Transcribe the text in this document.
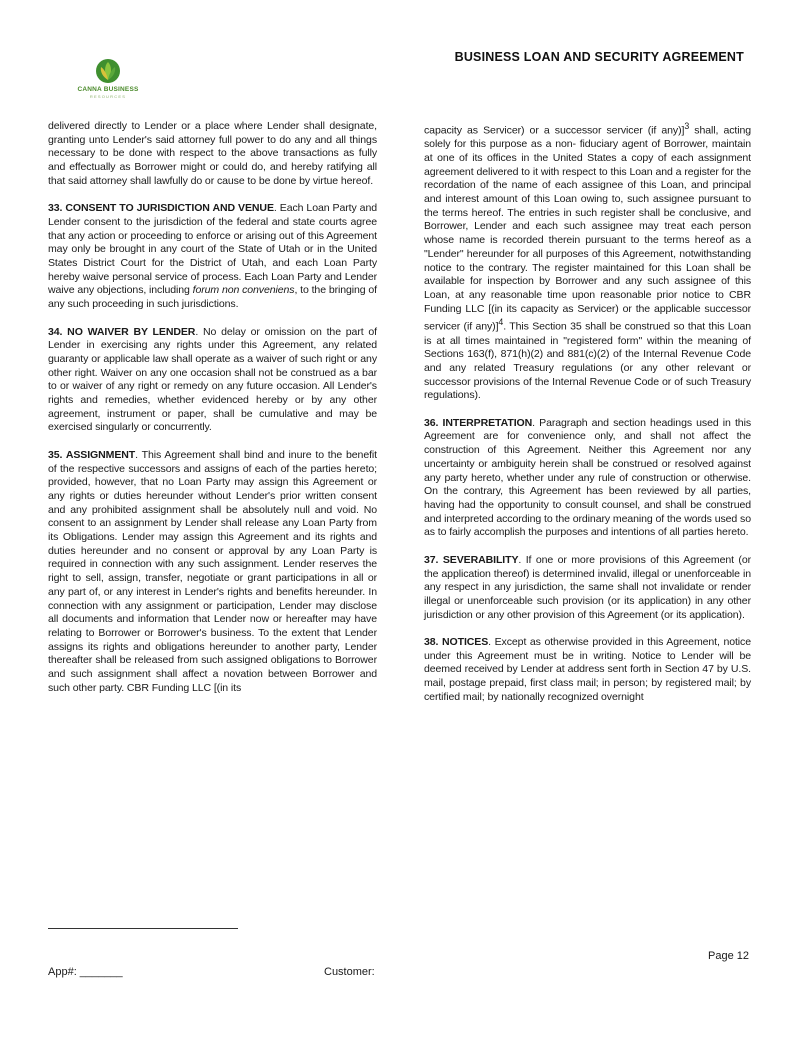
BUSINESS LOAN AND SECURITY AGREEMENT
CANNA BUSINESS
RESOURCES

delivered directly to Lender or a place where Lender shall designate, granting unto Lender's said attorney full power to do any and all things necessary to be done with respect to the above transactions as fully and effectually as Borrower might or could do, and hereby ratifying all that said attorney shall lawfully do or cause to be done by virtue hereof.

33. CONSENT TO JURISDICTION AND VENUE. Each Loan Party and Lender consent to the jurisdiction of the federal and state courts agree that any action or proceeding to enforce or arising out of this Agreement may only be brought in any court of the State of Utah or in the United States District Court for the District of Utah, and each Loan Party hereby waive personal service of process. Each Loan Party and Lender waive any objections, including forum non conveniens, to the bringing of any such proceeding in such jurisdictions.

34. NO WAIVER BY LENDER. No delay or omission on the part of Lender in exercising any rights under this Agreement, any related guaranty or applicable law shall operate as a waiver of such right or any other right. Waiver on any one occasion shall not be construed as a bar to or waiver of any right or remedy on any future occasion. All Lender's rights and remedies, whether evidenced hereby or by any other agreement, instrument or paper, shall be cumulative and may be exercised singularly or concurrently.

35. ASSIGNMENT. This Agreement shall bind and inure to the benefit of the respective successors and assigns of each of the parties hereto; provided, however, that no Loan Party may assign this Agreement or any rights or duties hereunder without Lender's prior written consent and any prohibited assignment shall be absolutely null and void. No consent to an assignment by Lender shall release any Loan Party from its Obligations. Lender may assign this Agreement and its rights and duties hereunder and no consent or approval by any Loan Party is required in connection with any such assignment. Lender reserves the right to sell, assign, transfer, negotiate or grant participations in all or any part of, or any interest in Lender's rights and benefits hereunder. In connection with any assignment or participation, Lender may disclose all documents and information that Lender now or hereafter may have relating to Borrower or Borrower's business. To the extent that Lender assigns its rights and obligations hereunder to another party, Lender thereafter shall be released from such assigned obligations to Borrower and such assignment shall affect a novation between Borrower and such other party. CBR Funding LLC [(in its

capacity as Servicer) or a successor servicer (if any)]$^3$ shall, acting solely for this purpose as a non- fiduciary agent of Borrower, maintain at one of its offices in the United States a copy of each assignment agreement delivered to it with respect to this Loan and a register for the recordation of the name of each assignee of this Loan, and principal and interest amount of this Loan owing to, such assignee pursuant to the terms hereof. The entries in such register shall be conclusive, and Borrower, Lender and each such assignee may treat each person whose name is recorded therein pursuant to the terms hereof as a "Lender" hereunder for all purposes of this Agreement, notwithstanding notice to the contrary. The register maintained for this Loan shall be available for inspection by Borrower and any such assignee of this Loan, at any reasonable time upon reasonable prior notice to CBR Funding LLC [(in its capacity as Servicer) or the applicable successor servicer (if any)]$^4$. This Section 35 shall be construed so that this Loan is at all times maintained in "registered form" within the meaning of Sections 163(f), 871(h)(2) and 881(c)(2) of the Internal Revenue Code and any related Treasury regulations (or any other relevant or successor provisions of the Internal Revenue Code or of such Treasury regulations).

36. INTERPRETATION. Paragraph and section headings used in this Agreement are for convenience only, and shall not affect the construction of this Agreement. Neither this Agreement nor any uncertainty or ambiguity herein shall be construed or resolved against any party hereto, whether under any rule of construction or otherwise. On the contrary, this Agreement has been reviewed by all parties, having had the opportunity to consult counsel, and shall be construed and interpreted according to the ordinary meaning of the words used so as to fairly accomplish the purposes and intentions of all parties hereto.

37. SEVERABILITY. If one or more provisions of this Agreement (or the application thereof) is determined invalid, illegal or unenforceable in any respect in any jurisdiction, the same shall not invalidate or render illegal or unenforceable such provision (or its application) in any other jurisdiction or any other provision of this Agreement (or its application).

38. NOTICES. Except as otherwise provided in this Agreement, notice under this Agreement must be in writing. Notice to Lender will be deemed received by Lender at address sent forth in Section 47 by U.S. mail, postage prepaid, first class mail; in person; by registered mail; by certified mail; by nationally recognized overnight

Page 12
App#: _______	Customer:
